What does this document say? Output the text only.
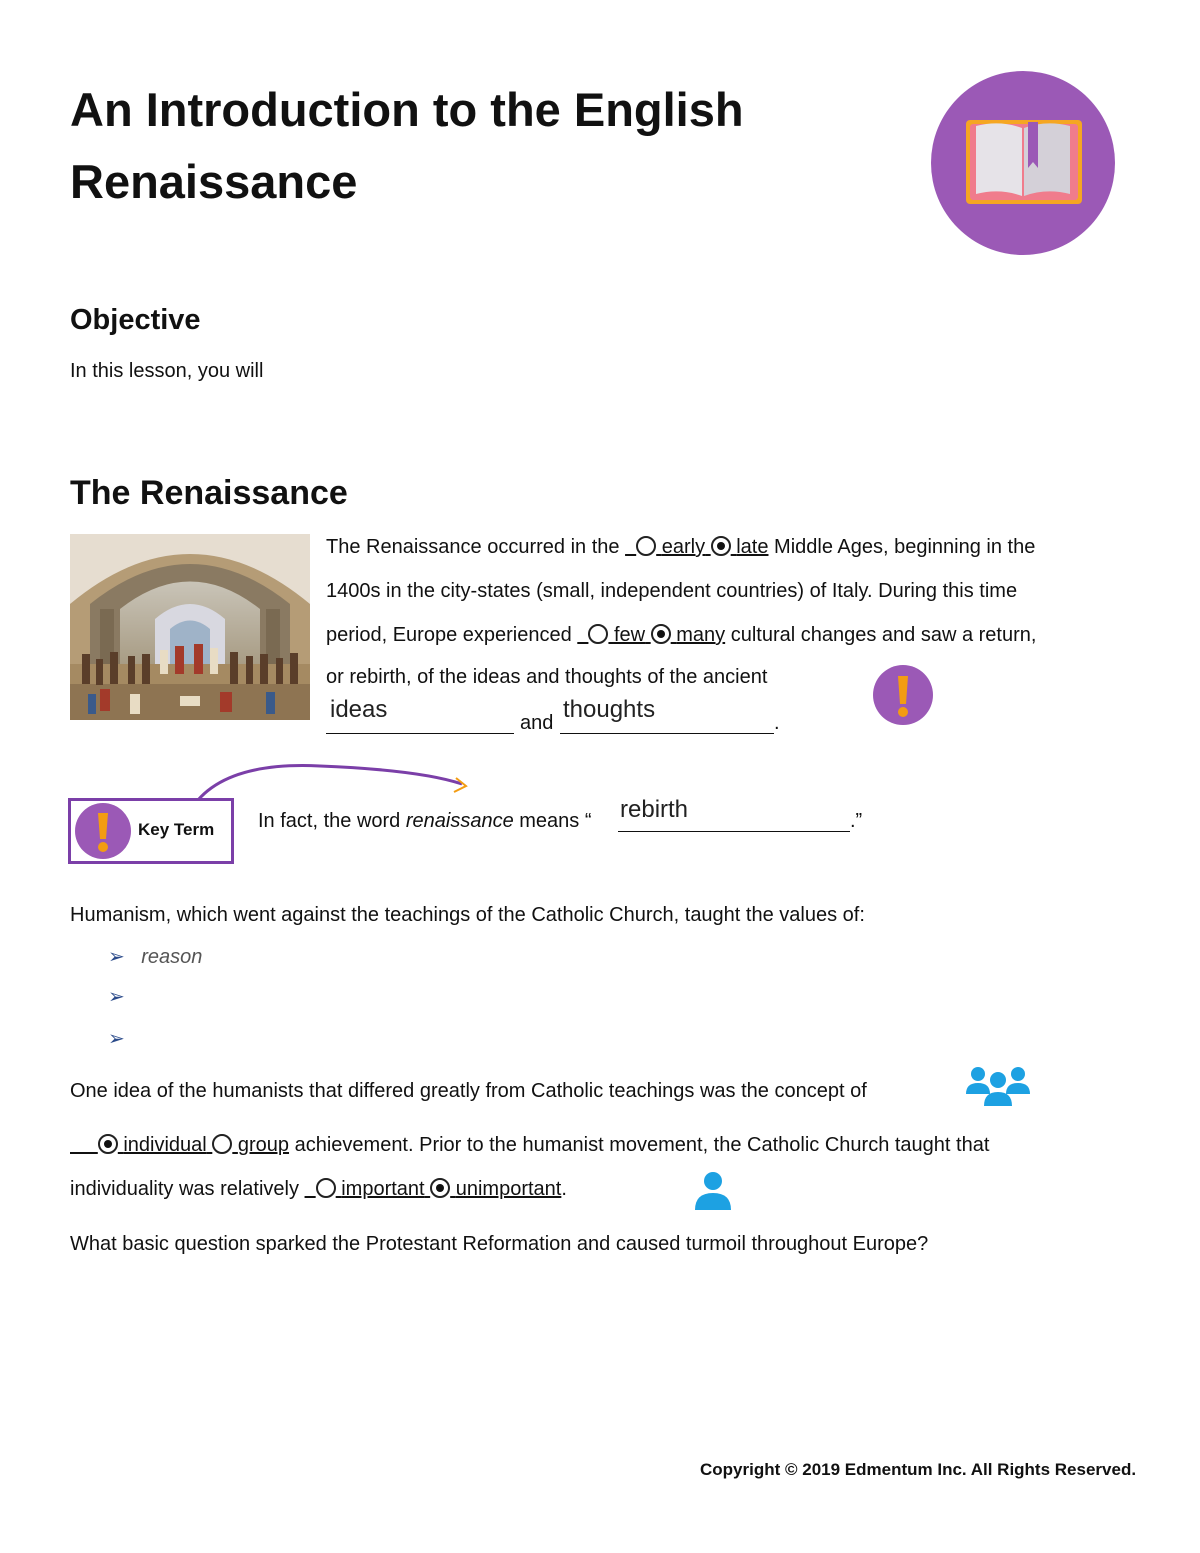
An Introduction to the English Renaissance
Objective
In this lesson, you will
The Renaissance
The Renaissance occurred in the early late Middle Ages, beginning in the
1400s in the city-states (small, independent countries) of Italy. During this time
period, Europe experienced few many cultural changes and saw a return,
or rebirth, of the ideas and thoughts of the ancient
ideas	and thoughts	.
Key Term In fact, the word renaissance means “ rebirth	.”
Humanism, which went against the teachings of the Catholic Church, taught the values of:
➢ reason
➢
➢
One idea of the humanists that differed greatly from Catholic teachings was the concept of
individual group achievement. Prior to the humanist movement, the Catholic Church taught that
individuality was relatively important unimportant.
What basic question sparked the Protestant Reformation and caused turmoil throughout Europe?
Copyright © 2019 Edmentum Inc. All Rights Reserved.
